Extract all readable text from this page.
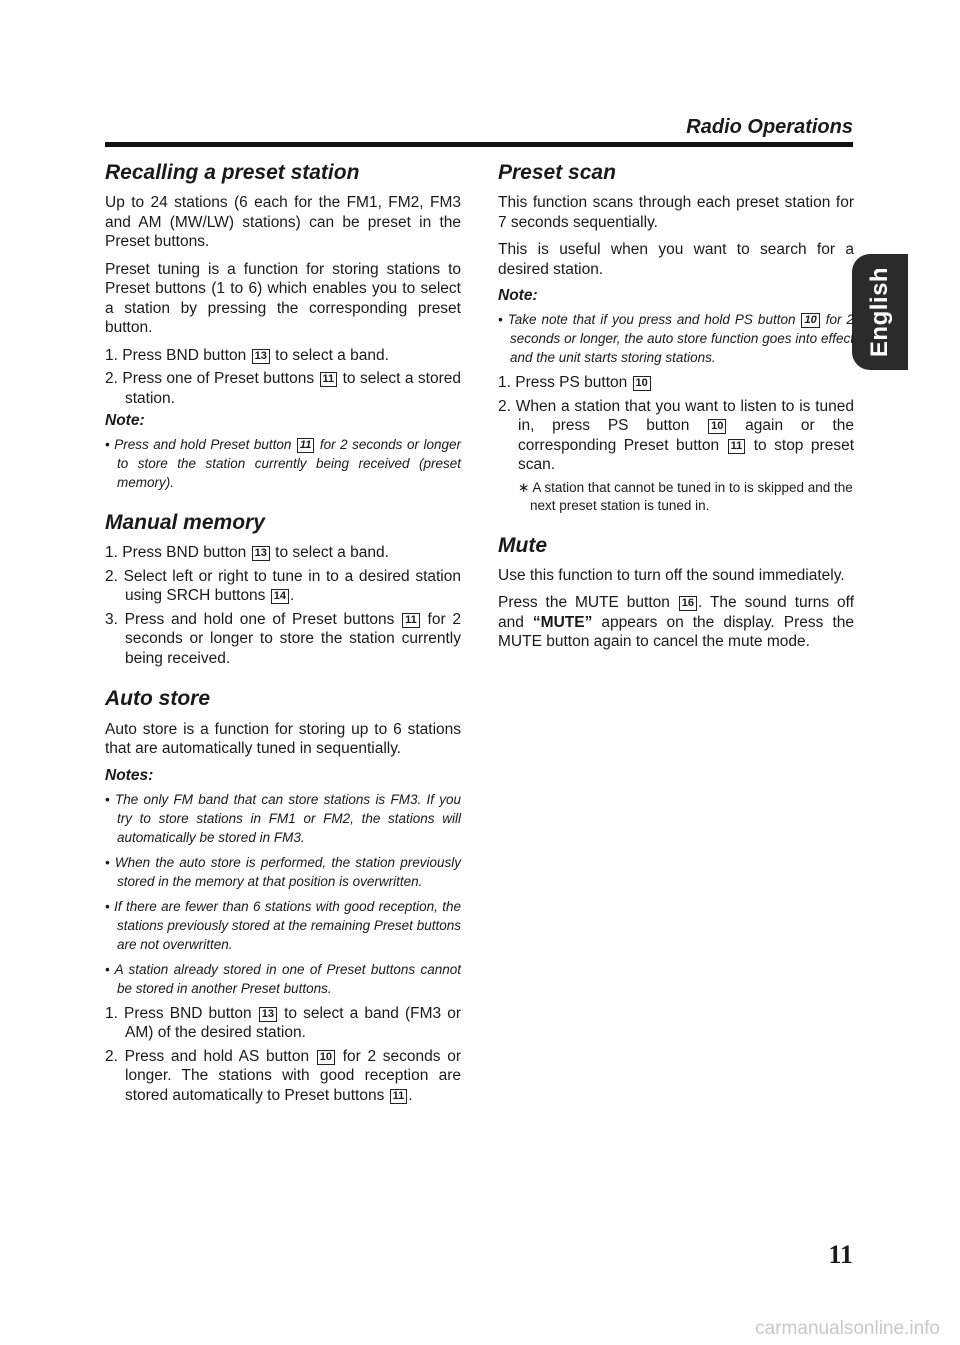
Radio Operations
English
Recalling a preset station

Up to 24 stations (6 each for the FM1, FM2, FM3 and AM (MW/LW) stations) can be preset in the Preset buttons.

Preset tuning is a function for storing stations to Preset buttons (1 to 6) which enables you to select a station by pressing the corresponding preset button.

1. Press BND button 13 to select a band.
2. Press one of Preset buttons 11 to select a stored station.
Note:
• Press and hold Preset button 11 for 2 seconds or longer to store the station currently being received (preset memory).
Manual memory
1. Press BND button 13 to select a band.
2. Select left or right to tune in to a desired station using SRCH buttons 14 .
3. Press and hold one of Preset buttons 11 for 2 seconds or longer to store the station currently being received.
Auto store

Auto store is a function for storing up to 6 stations that are automatically tuned in sequentially.

Notes:
• The only FM band that can store stations is FM3. If you try to store stations in FM1 or FM2, the stations will automatically be stored in FM3.
• When the auto store is performed, the station previously stored in the memory at that position is overwritten.
• If there are fewer than 6 stations with good reception, the stations previously stored at the remaining Preset buttons are not overwritten.
• A station already stored in one of Preset buttons cannot be stored in another Preset buttons.
1. Press BND button 13 to select a band (FM3 or AM) of the desired station.
2. Press and hold AS button 10 for 2 seconds or longer. The stations with good reception are stored automatically to Preset buttons 11 .
Preset scan

This function scans through each preset station for 7 seconds sequentially.

This is useful when you want to search for a desired station.

Note:
• Take note that if you press and hold PS button 10 for 2 seconds or longer, the auto store function goes into effect and the unit starts storing stations.
1. Press PS button 10
2. When a station that you want to listen to is tuned in, press PS button 10 again or the corresponding Preset button 11 to stop preset scan.
∗ A station that cannot be tuned in to is skipped and the next preset station is tuned in.
Mute

Use this function to turn off the sound immediately.

Press the MUTE button 16 . The sound turns off and “MUTE” appears on the display. Press the MUTE button again to cancel the mute mode.

11
carmanualsonline.info
